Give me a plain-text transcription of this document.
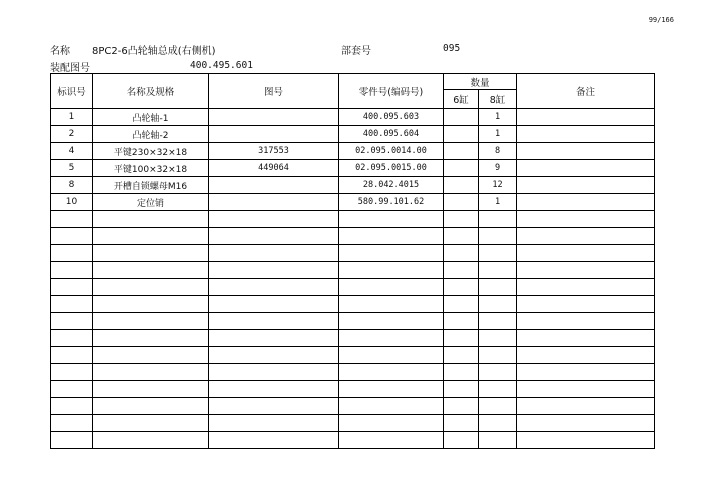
99/166
名称 8PC2-6凸轮轴总成(右侧机)	部套号	095
装配图号	400.495.601
标识号	名称及规格	图号	零件号(编码号)	数量		备注
				6缸	8缸	
1	凸轮轴-1		400.095.603		1	
2	凸轮轴-2		400.095.604		1	
4	平键230×32×18	317553	02.095.0014.00		8	
5	平键100×32×18	449064	02.095.0015.00		9	
8	开槽自锁螺母M16		28.042.4015		12	
10	定位销		580.99.101.62		1	
